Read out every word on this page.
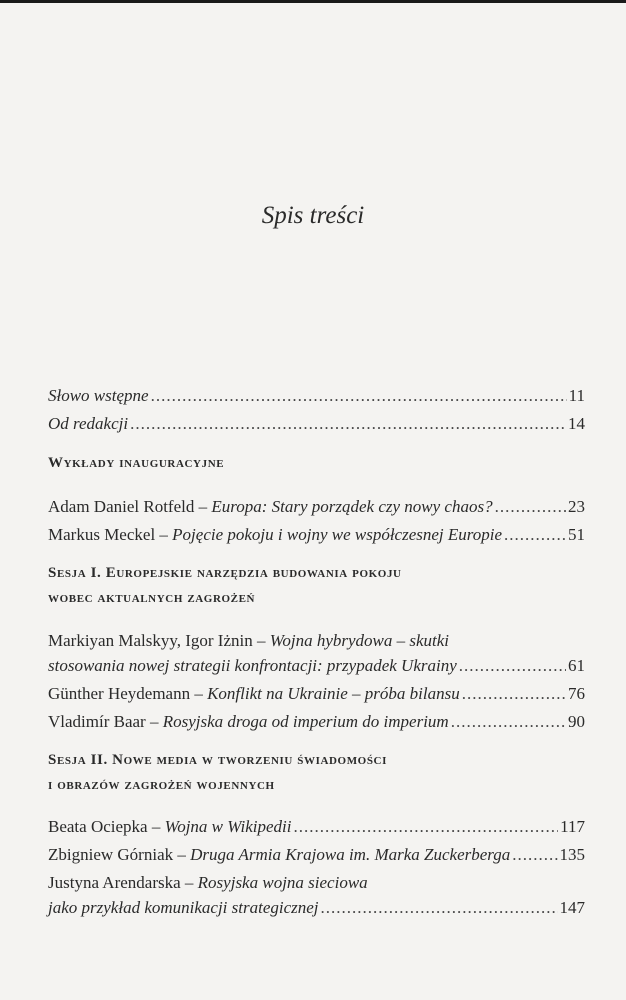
Spis treści
Słowo wstępne .....	11
Od redakcji .....	14
Wykłady inauguracyjne
Adam Daniel Rotfeld – Europa: Stary porządek czy nowy chaos? .....	23
Markus Meckel – Pojęcie pokoju i wojny we współczesnej Europie .....	51
Sesja I. Europejskie narzędzia budowania pokoju
wobec aktualnych zagrożeń
Markiyan Malskyy, Igor Iżnin – Wojna hybrydowa – skutki
stosowania nowej strategii konfrontacji: przypadek Ukrainy .....	61
Günther Heydemann – Konflikt na Ukrainie – próba bilansu .....	76
Vladimír Baar – Rosyjska droga od imperium do imperium .....	90
Sesja II. Nowe media w tworzeniu świadomości
i obrazów zagrożeń wojennych
Beata Ociepka – Wojna w Wikipedii .....	117
Zbigniew Górniak – Druga Armia Krajowa im. Marka Zuckerberga .....	135
Justyna Arendarska – Rosyjska wojna sieciowa
jako przykład komunikacji strategicznej .....	147
